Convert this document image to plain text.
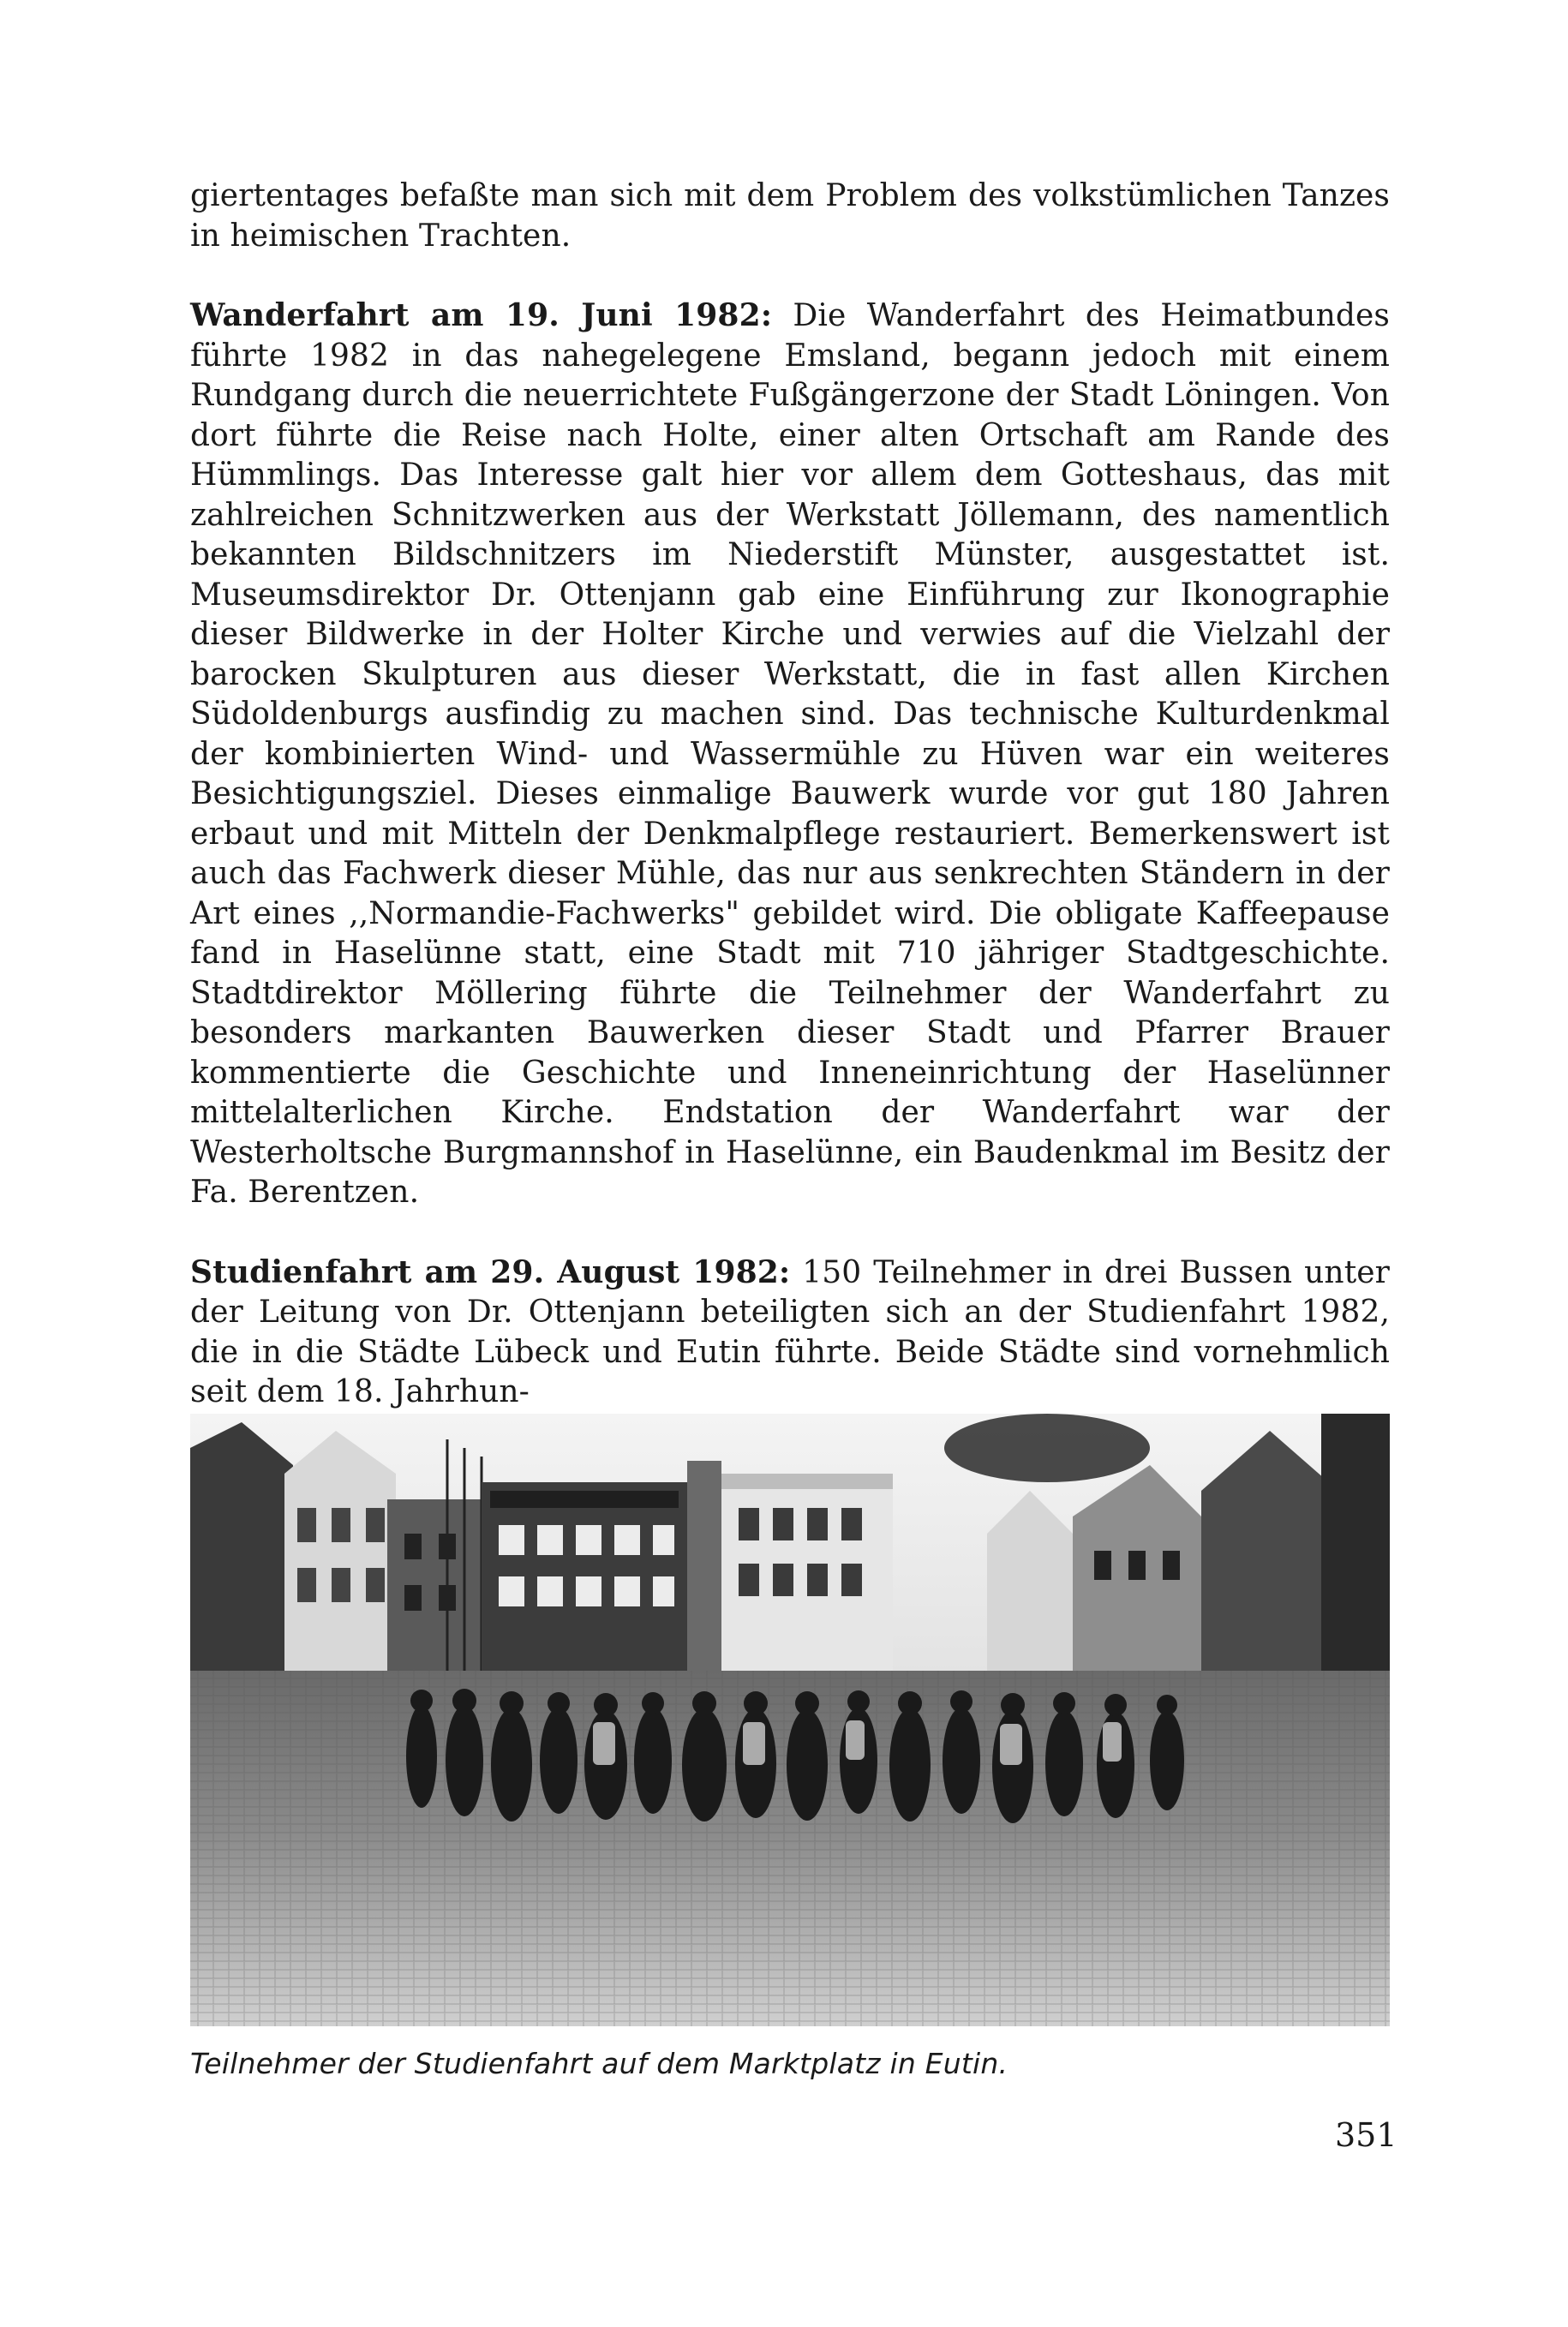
giertentages befaßte man sich mit dem Problem des volkstümlichen Tanzes in heimischen Trachten.

Wanderfahrt am 19. Juni 1982: Die Wanderfahrt des Heimatbundes führte 1982 in das nahegelegene Emsland, begann jedoch mit einem Rundgang durch die neuerrichtete Fußgängerzone der Stadt Löningen. Von dort führte die Reise nach Holte, einer alten Ortschaft am Rande des Hümmlings. Das Interesse galt hier vor allem dem Gotteshaus, das mit zahlreichen Schnitzwerken aus der Werkstatt Jöllemann, des namentlich bekannten Bildschnitzers im Niederstift Münster, ausgestattet ist. Museumsdirektor Dr. Ottenjann gab eine Einführung zur Ikonographie dieser Bildwerke in der Holter Kirche und verwies auf die Vielzahl der barocken Skulpturen aus dieser Werkstatt, die in fast allen Kirchen Südoldenburgs ausfindig zu machen sind. Das technische Kulturdenkmal der kombinierten Wind- und Wassermühle zu Hüven war ein weiteres Besichtigungsziel. Dieses einmalige Bauwerk wurde vor gut 180 Jahren erbaut und mit Mitteln der Denkmalpflege restauriert. Bemerkenswert ist auch das Fachwerk dieser Mühle, das nur aus senkrechten Ständern in der Art eines ,,Normandie-Fachwerks" gebildet wird. Die obligate Kaffeepause fand in Haselünne statt, eine Stadt mit 710 jähriger Stadtgeschichte. Stadtdirektor Möllering führte die Teilnehmer der Wanderfahrt zu besonders markanten Bauwerken dieser Stadt und Pfarrer Brauer kommentierte die Geschichte und Inneneinrichtung der Haselünner mittelalterlichen Kirche. Endstation der Wanderfahrt war der Westerholtsche Burgmannshof in Haselünne, ein Baudenkmal im Besitz der Fa. Berentzen.

Studienfahrt am 29. August 1982: 150 Teilnehmer in drei Bussen unter der Leitung von Dr. Ottenjann beteiligten sich an der Studienfahrt 1982, die in die Städte Lübeck und Eutin führte. Beide Städte sind vornehmlich seit dem 18. Jahrhun-

Teilnehmer der Studienfahrt auf dem Marktplatz in Eutin.
351
